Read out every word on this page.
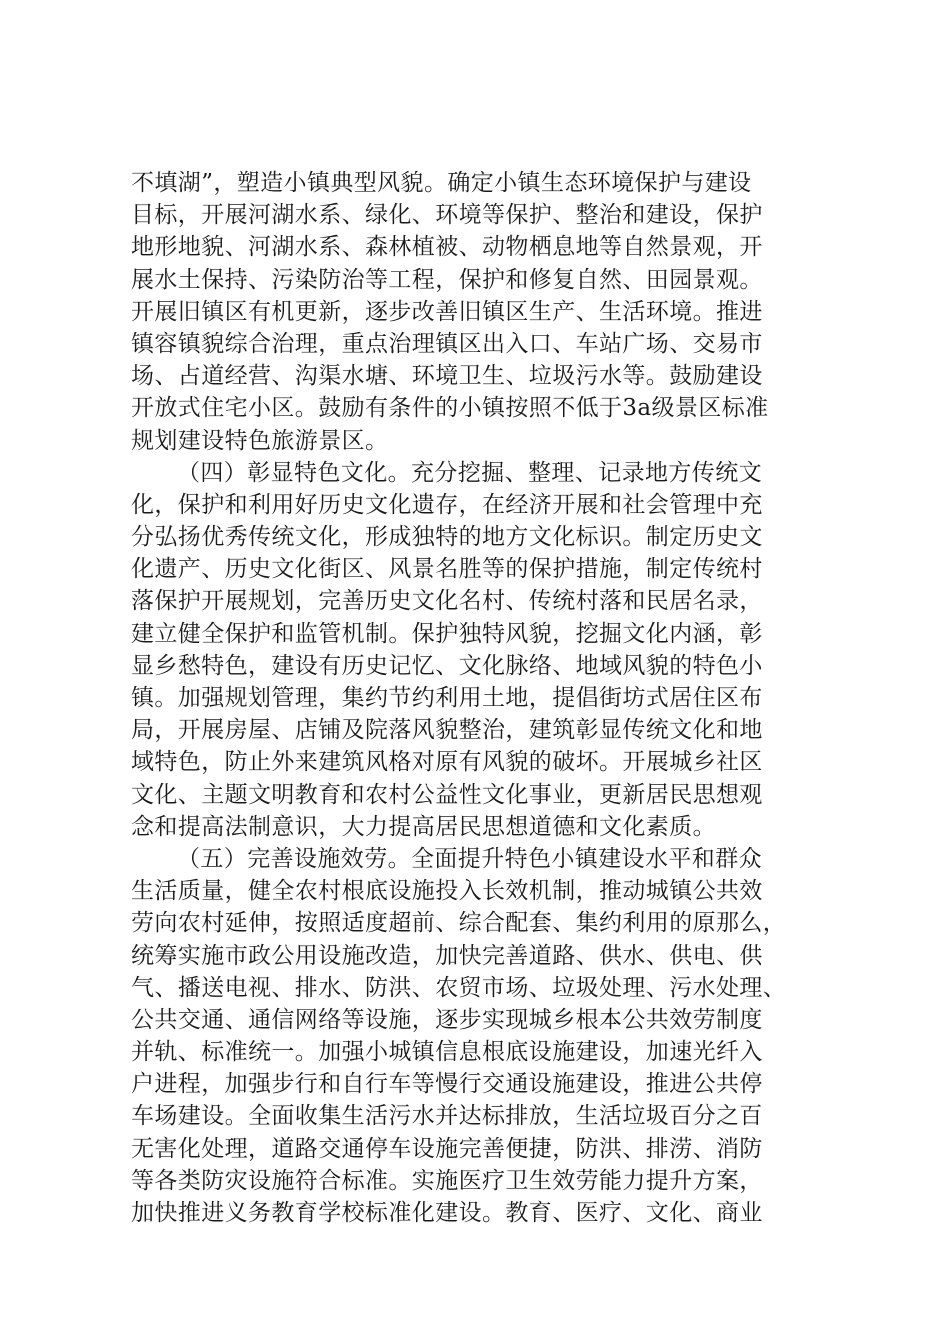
不填湖”，塑造小镇典型风貌。确定小镇生态环境保护与建设
目标，开展河湖水系、绿化、环境等保护、整治和建设，保护
地形地貌、河湖水系、森林植被、动物栖息地等自然景观，开
展水土保持、污染防治等工程，保护和修复自然、田园景观。
开展旧镇区有机更新，逐步改善旧镇区生产、生活环境。推进
镇容镇貌综合治理，重点治理镇区出入口、车站广场、交易市
场、占道经营、沟渠水塘、环境卫生、垃圾污水等。鼓励建设
开放式住宅小区。鼓励有条件的小镇按照不低于3a级景区标准
规划建设特色旅游景区。
（四）彰显特色文化。充分挖掘、整理、记录地方传统文
化，保护和利用好历史文化遗存，在经济开展和社会管理中充
分弘扬优秀传统文化，形成独特的地方文化标识。制定历史文
化遗产、历史文化街区、风景名胜等的保护措施，制定传统村
落保护开展规划，完善历史文化名村、传统村落和民居名录，
建立健全保护和监管机制。保护独特风貌，挖掘文化内涵，彰
显乡愁特色，建设有历史记忆、文化脉络、地域风貌的特色小
镇。加强规划管理，集约节约利用土地，提倡街坊式居住区布
局，开展房屋、店铺及院落风貌整治，建筑彰显传统文化和地
域特色，防止外来建筑风格对原有风貌的破坏。开展城乡社区
文化、主题文明教育和农村公益性文化事业，更新居民思想观
念和提高法制意识，大力提高居民思想道德和文化素质。
（五）完善设施效劳。全面提升特色小镇建设水平和群众
生活质量，健全农村根底设施投入长效机制，推动城镇公共效
劳向农村延伸，按照适度超前、综合配套、集约利用的原那么，
统筹实施市政公用设施改造，加快完善道路、供水、供电、供
气、播送电视、排水、防洪、农贸市场、垃圾处理、污水处理、
公共交通、通信网络等设施，逐步实现城乡根本公共效劳制度
并轨、标准统一。加强小城镇信息根底设施建设，加速光纤入
户进程，加强步行和自行车等慢行交通设施建设，推进公共停
车场建设。全面收集生活污水并达标排放，生活垃圾百分之百
无害化处理，道路交通停车设施完善便捷，防洪、排涝、消防
等各类防灾设施符合标准。实施医疗卫生效劳能力提升方案，
加快推进义务教育学校标准化建设。教育、医疗、文化、商业
